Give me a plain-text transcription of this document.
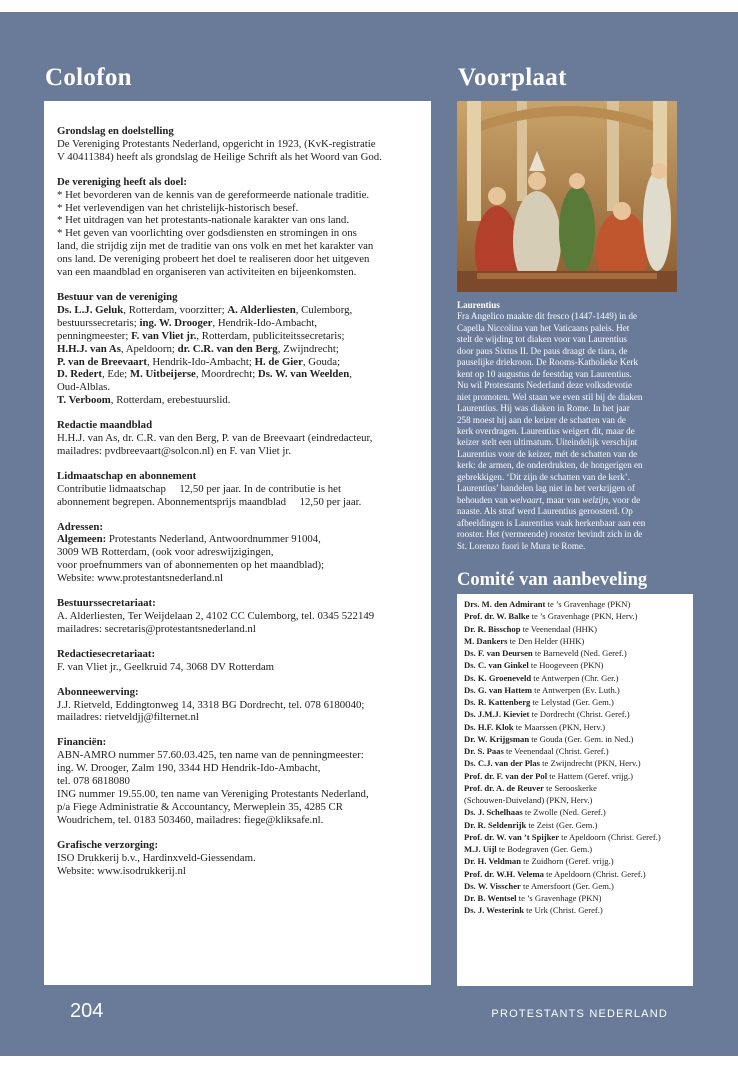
Colofon	Voorplaat
Grondslag en doelstelling

De Vereniging Protestants Nederland, opgericht in 1923, (KvK-registratie

V 40411384) heeft als grondslag de Heilige Schrift als het Woord van God.

De vereniging heeft als doel:

* Het bevorderen van de kennis van de gereformeerde nationale traditie.

* Het verlevendigen van het christelijk-historisch besef.

* Het uitdragen van het protestants-nationale karakter van ons land.

* Het geven van voorlichting over godsdiensten en stromingen in ons

land, die strijdig zijn met de traditie van ons volk en met het karakter van

ons land. De vereniging probeert het doel te realiseren door het uitgeven

van een maandblad en organiseren van activiteiten en bijeenkomsten.

Bestuur van de vereniging

Ds. L.J. Geluk, Rotterdam, voorzitter; A. Alderliesten, Culemborg,

bestuurssecretaris; ing. W. Drooger, Hendrik-Ido-Ambacht,

penningmeester; F. van Vliet jr., Rotterdam, publiciteitssecretaris;

H.H.J. van As, Apeldoorn; dr. C.R. van den Berg, Zwijndrecht;

P. van de Breevaart, Hendrik-Ido-Ambacht; H. de Gier, Gouda;

D. Redert, Ede; M. Uitbeijerse, Moordrecht; Ds. W. van Weelden,

Oud-Alblas.

T. Verboom, Rotterdam, erebestuurslid.

Redactie maandblad

H.H.J. van As, dr. C.R. van den Berg, P. van de Breevaart (eindredacteur,

mailadres: pvdbreevaart@solcon.nl) en F. van Vliet jr.

Lidmaatschap en abonnement

Contributie lidmaatschap     12,50 per jaar. In de contributie is het

abonnement begrepen. Abonnementsprijs maandblad     12,50 per jaar.

Adressen:

Algemeen: Protestants Nederland, Antwoordnummer 91004,

3009 WB Rotterdam, (ook voor adreswijzigingen,

voor proefnummers van of abonnementen op het maandblad);

Website: www.protestantsnederland.nl

Bestuurssecretariaat:

A. Alderliesten, Ter Weijdelaan 2, 4102 CC Culemborg, tel. 0345 522149

mailadres: secretaris@protestantsnederland.nl

Redactiesecretariaat:

F. van Vliet jr., Geelkruid 74, 3068 DV Rotterdam

Abonneewerving:

J.J. Rietveld, Eddingtonweg 14, 3318 BG Dordrecht, tel. 078 6180040;

mailadres: rietveldjj@filternet.nl

Financiën:

ABN-AMRO nummer 57.60.03.425, ten name van de penningmeester:

ing. W. Drooger, Zalm 190, 3344 HD Hendrik-Ido-Ambacht,

tel. 078 6818080

ING nummer 19.55.00, ten name van Vereniging Protestants Nederland,

p/a Fiege Administratie & Accountancy, Merweplein 35, 4285 CR

Woudrichem, tel. 0183 503460, mailadres: fiege@kliksafe.nl.

Grafische verzorging:

ISO Drukkerij b.v., Hardinxveld-Giessendam.

Website: www.isodrukkerij.nl

Laurentius

Fra Angelico maakte dit fresco (1447-1449) in de

Capella Niccolina van het Vaticaans paleis. Het

stelt de wijding tot diaken voor van Laurentius

door paus Sixtus II. De paus draagt de tiara, de

pauselijke driekroon. De Rooms-Katholieke Kerk

kent op 10 augustus de feestdag van Laurentius.

Nu wil Protestants Nederland deze volksdevotie

niet promoten. Wel staan we even stil bij de diaken

Laurentius. Hij was diaken in Rome. In het jaar

258 moest hij aan de keizer de schatten van de

kerk overdragen. Laurentius weigert dit, maar de

keizer stelt een ultimatum. Uiteindelijk verschijnt

Laurentius voor de keizer, mét de schatten van de

kerk: de armen, de onderdrukten, de hongerigen en

gebrekkigen. ‘Dit zijn de schatten van de kerk’.

Laurentius’ handelen lag niet in het verkrijgen of

behouden van welvaart, maar van welzijn, voor de

naaste. Als straf werd Laurentius geroosterd. Op

afbeeldingen is Laurentius vaak herkenbaar aan een

rooster. Het (vermeende) rooster bevindt zich in de

St. Lorenzo fuori le Mura te Rome.

Comité van aanbeveling
Drs. M. den Admirant te ’s Gravenhage (PKN)
Prof. dr. W. Balke te ’s Gravenhage (PKN, Herv.)
Dr. R. Bisschop te Veenendaal (HHK)
M. Dankers te Den Helder (HHK)
Ds. F. van Deursen te Barneveld (Ned. Geref.)
Ds. C. van Ginkel te Hoogeveen (PKN)
Ds. K. Groeneveld te Antwerpen (Chr. Ger.)
Ds. G. van Hattem te Antwerpen (Ev. Luth.)
Ds. R. Kattenberg te Lelystad (Ger. Gem.)
Ds. J.M.J. Kieviet te Dordrecht (Christ. Geref.)
Ds. H.F. Klok te Maarssen (PKN, Herv.)
Dr. W. Krijgsman te Gouda (Ger. Gem. in Ned.)
Dr. S. Paas te Veenendaal (Christ. Geref.)
Ds. C.J. van der Plas te Zwijndrecht (PKN, Herv.)
Prof. dr. F. van der Pol te Hattem (Geref. vrijg.)
Prof. dr. A. de Reuver te Serooskerke
(Schouwen-Duiveland) (PKN, Herv.)
Ds. J. Schelhaas te Zwolle (Ned. Geref.)
Dr. R. Seldenrijk te Zeist (Ger. Gem.)
Prof. dr. W. van ’t Spijker te Apeldoorn (Christ. Geref.)
M.J. Uijl te Bodegraven (Ger. Gem.)
Dr. H. Veldman te Zuidhorn (Geref. vrijg.)
Prof. dr. W.H. Velema te Apeldoorn (Christ. Geref.)
Ds. W. Visscher te Amersfoort (Ger. Gem.)
Dr. B. Wentsel te ’s Gravenhage (PKN)
Ds. J. Westerink te Urk (Christ. Geref.)
204	PROTESTANTS NEDERLAND
